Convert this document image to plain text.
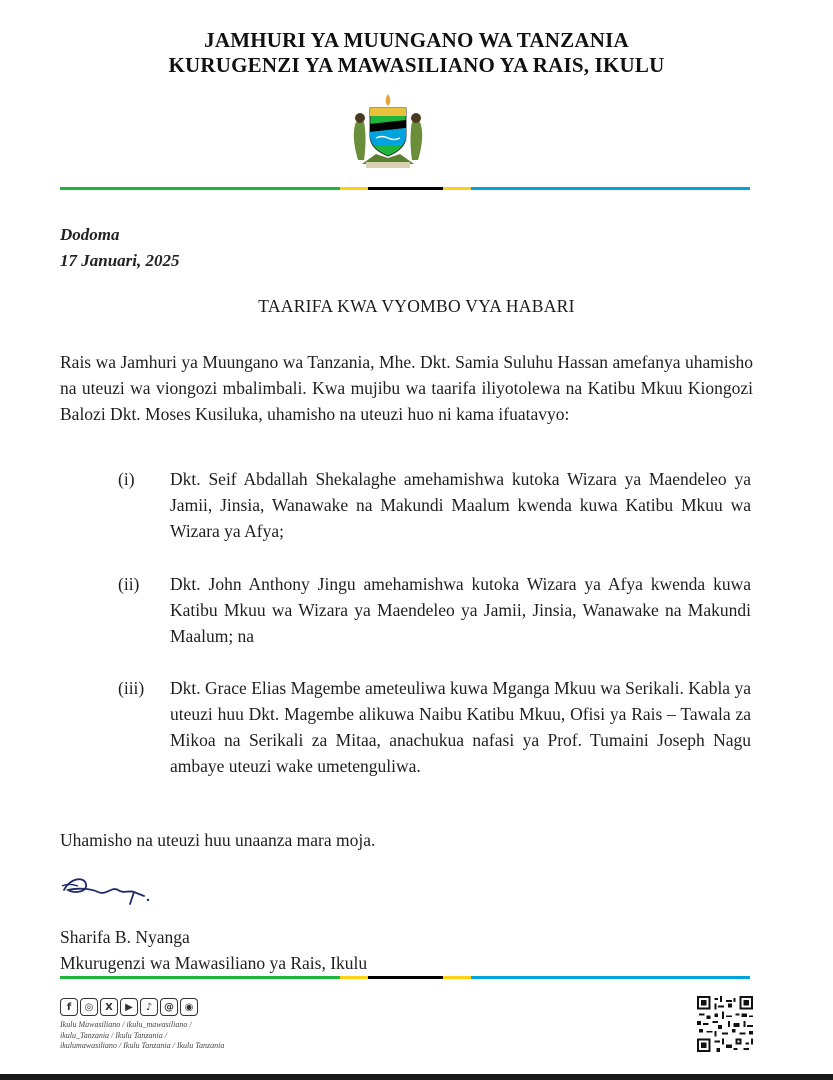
JAMHURI YA MUUNGANO WA TANZANIA
KURUGENZI YA MAWASILIANO YA RAIS, IKULU
Dodoma
17 Januari, 2025
TAARIFA KWA VYOMBO VYA HABARI
Rais wa Jamhuri ya Muungano wa Tanzania, Mhe. Dkt. Samia Suluhu Hassan amefanya uhamisho na uteuzi wa viongozi mbalimbali. Kwa mujibu wa taarifa iliyotolewa na Katibu Mkuu Kiongozi Balozi Dkt. Moses Kusiluka, uhamisho na uteuzi huo ni kama ifuatavyo:
(i) Dkt. Seif Abdallah Shekalaghe amehamishwa kutoka Wizara ya Maendeleo ya Jamii, Jinsia, Wanawake na Makundi Maalum kwenda kuwa Katibu Mkuu wa Wizara ya Afya;
(ii) Dkt. John Anthony Jingu amehamishwa kutoka Wizara ya Afya kwenda kuwa Katibu Mkuu wa Wizara ya Maendeleo ya Jamii, Jinsia, Wanawake na Makundi Maalum; na
(iii) Dkt. Grace Elias Magembe ameteuliwa kuwa Mganga Mkuu wa Serikali. Kabla ya uteuzi huu Dkt. Magembe alikuwa Naibu Katibu Mkuu, Ofisi ya Rais – Tawala za Mikoa na Serikali za Mitaa, anachukua nafasi ya Prof. Tumaini Joseph Nagu ambaye uteuzi wake umetenguliwa.
Uhamisho na uteuzi huu unaanza mara moja.
Sharifa B. Nyanga
Mkurugenzi wa Mawasiliano ya Rais, Ikulu
f	◎	X	▶	♪	@	◉
Ikulu Mawasiliano / ikulu_mawasiliano /
ikulu_Tanzania / Ikulu Tanzania /
ikulumawasiliano / Ikulu Tanzania / Ikulu Tanzania
